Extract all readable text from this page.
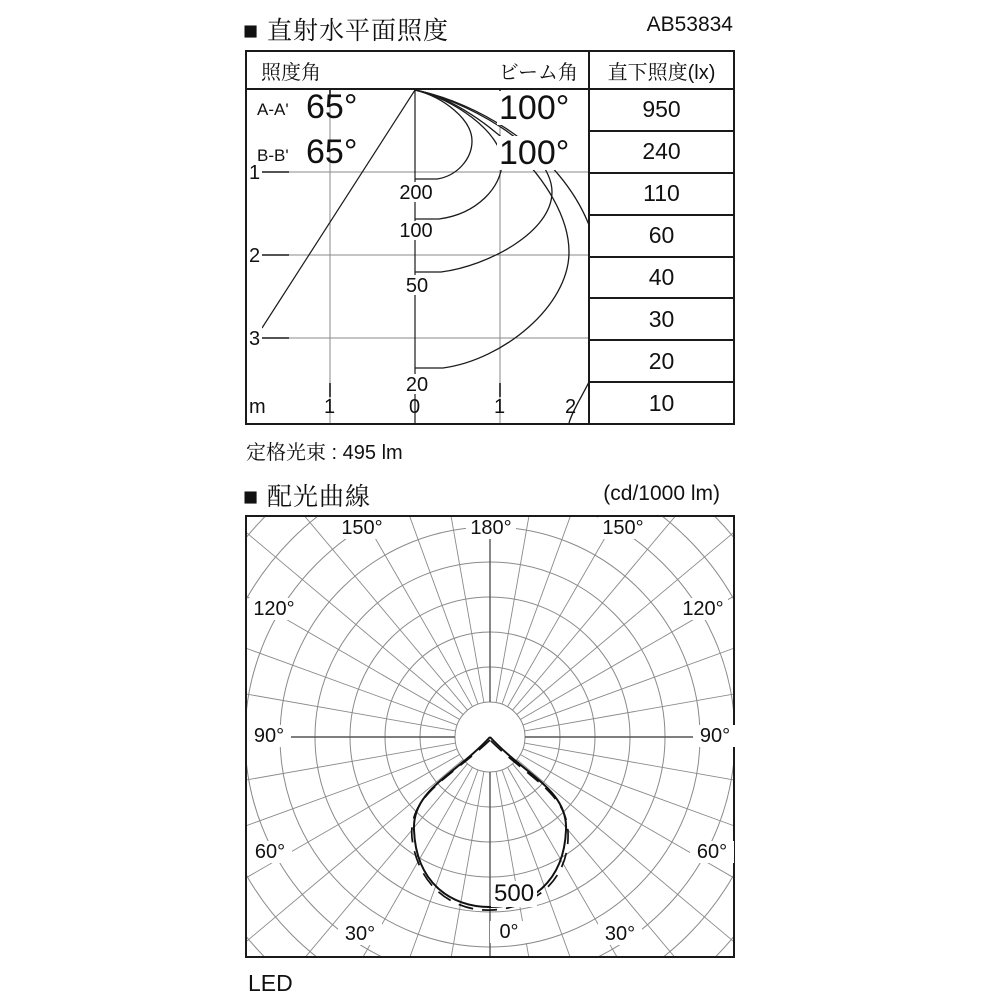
■ 直射水平面照度	AB53834
照度角	ビーム角	直下照度(lx)
200
100
50
20
1
2
3
m	1	0	1	2
950
240
110
60
40
30
20
10
A-A' 65°	100°
B-B' 65°	100°
定格光束 : 495 lm
■ 配光曲線	(cd/1000 lm)
180°
150°	150°
120°	120°
90°	90°
60°	60°
30°	30°
0°
500
LED
